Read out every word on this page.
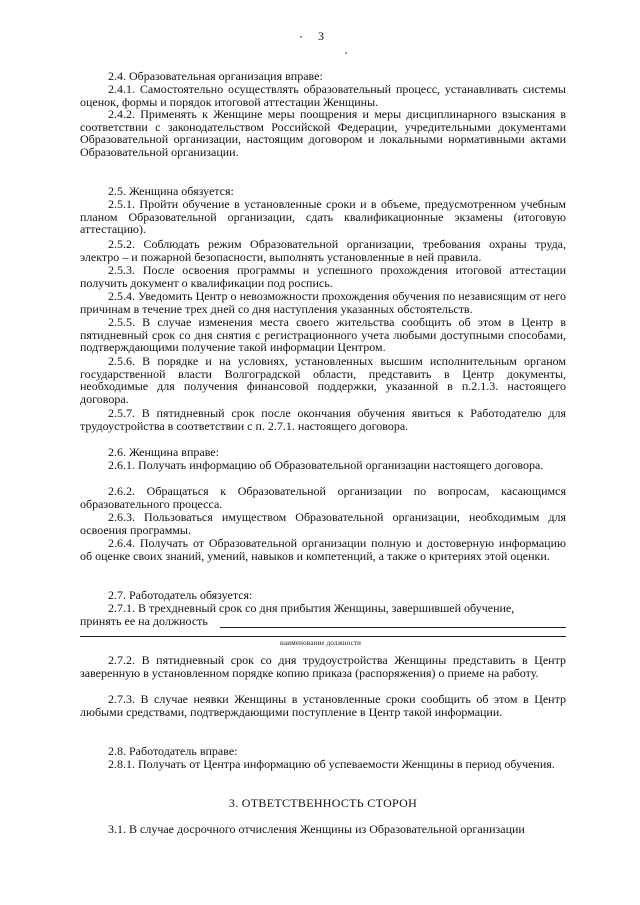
3

2.4. Образовательная организация вправе:

2.4.1. Самостоятельно осуществлять образовательный процесс, устанавливать системы оценок, формы и порядок итоговой аттестации Женщины.

2.4.2. Применять к Женщине меры поощрения и меры дисциплинарного взыскания в соответствии с законодательством Российской Федерации, учредительными документами Образовательной организации, настоящим договором и локальными нормативными актами Образовательной организации.

2.5. Женщина обязуется:

2.5.1. Пройти обучение в установленные сроки и в объеме, предусмотренном учебным планом Образовательной организации, сдать квалификационные экзамены (итоговую аттестацию).

2.5.2. Соблюдать режим Образовательной организации, требования охраны труда, электро – и пожарной безопасности, выполнять установленные в ней правила.

2.5.3. После освоения программы и успешного прохождения итоговой аттестации получить документ о квалификации под роспись.

2.5.4. Уведомить Центр о невозможности прохождения обучения по независящим от него причинам в течение трех дней со дня наступления указанных обстоятельств.

2.5.5. В случае изменения места своего жительства сообщить об этом в Центр в пятидневный срок со дня снятия с регистрационного учета любыми доступными способами, подтверждающими получение такой информации Центром.

2.5.6. В порядке и на условиях, установленных высшим исполнительным органом государственной власти Волгоградской области, представить в Центр документы, необходимые для получения финансовой поддержки, указанной в п.2.1.3. настоящего договора.

2.5.7. В пятидневный срок после окончания обучения явиться к Работодателю для трудоустройства в соответствии с п. 2.7.1. настоящего договора.

2.6. Женщина вправе:

2.6.1. Получать информацию об Образовательной организации настоящего договора.

2.6.2. Обращаться к Образовательной организации по вопросам, касающимся образовательного процесса.

2.6.3. Пользоваться имуществом Образовательной организации, необходимым для освоения программы.

2.6.4. Получать от Образовательной организации полную и достоверную информацию об оценке своих знаний, умений, навыков и компетенций, а также о критериях этой оценки.

2.7. Работодатель обязуется:

2.7.1. В трехдневный срок со дня прибытия Женщины, завершившей обучение,

принять ее на должность
наименование должности

2.7.2. В пятидневный срок со дня трудоустройства Женщины представить в Центр заверенную в установленном порядке копию приказа (распоряжения) о приеме на работу.

2.7.3. В случае неявки Женщины в установленные сроки сообщить об этом в Центр любыми средствами, подтверждающими поступление в Центр такой информации.

2.8. Работодатель вправе:

2.8.1. Получать от Центра информацию об успеваемости Женщины в период обучения.

3. ОТВЕТСТВЕННОСТЬ СТОРОН

3.1. В случае досрочного отчисления Женщины из Образовательной организации
